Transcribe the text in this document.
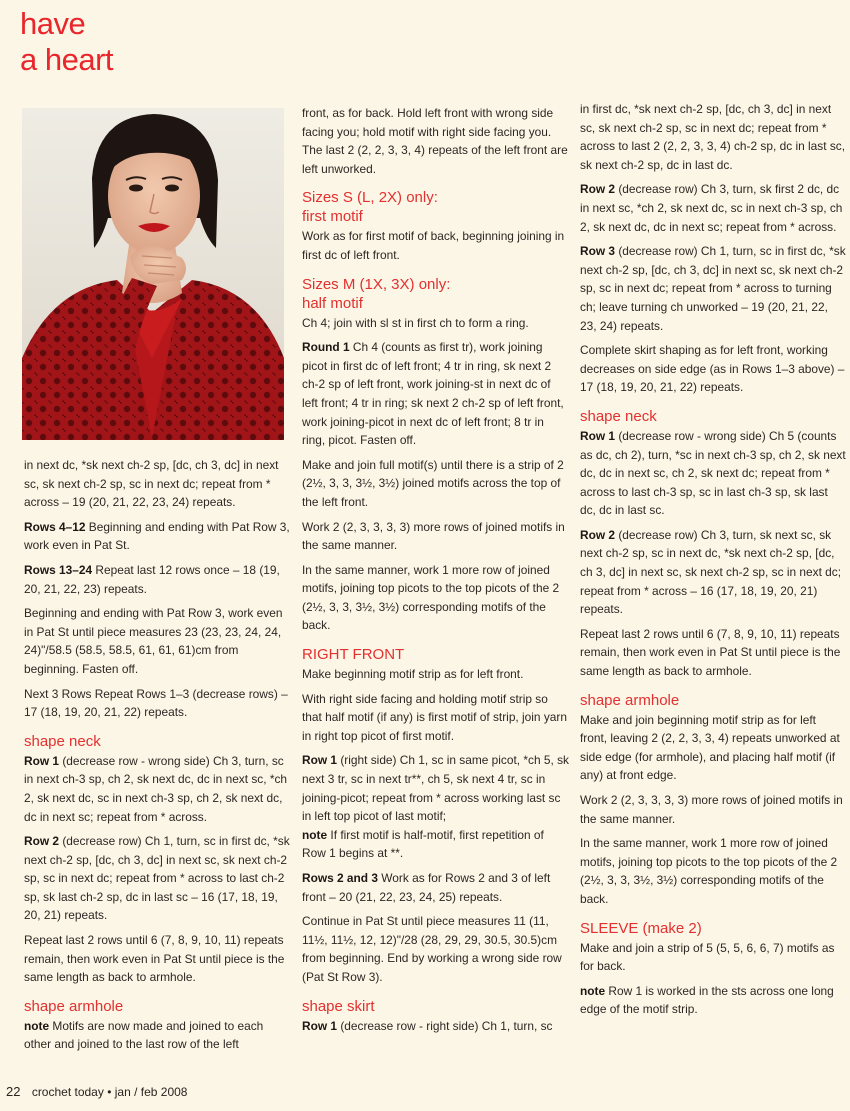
have
a heart

in next dc, *sk next ch-2 sp, [dc, ch 3, dc] in next sc, sk next ch-2 sp, sc in next dc; repeat from * across – 19 (20, 21, 22, 23, 24) repeats.

Rows 4–12 Beginning and ending with Pat Row 3, work even in Pat St.

Rows 13–24 Repeat last 12 rows once – 18 (19, 20, 21, 22, 23) repeats.

Beginning and ending with Pat Row 3, work even in Pat St until piece measures 23 (23, 23, 24, 24, 24)"/58.5 (58.5, 58.5, 61, 61, 61)cm from beginning. Fasten off.

Next 3 Rows Repeat Rows 1–3 (decrease rows) – 17 (18, 19, 20, 21, 22) repeats.

shape neck

Row 1 (decrease row - wrong side) Ch 3, turn, sc in next ch-3 sp, ch 2, sk next dc, dc in next sc, *ch 2, sk next dc, sc in next ch-3 sp, ch 2, sk next dc, dc in next sc; repeat from * across.

Row 2 (decrease row) Ch 1, turn, sc in first dc, *sk next ch-2 sp, [dc, ch 3, dc] in next sc, sk next ch-2 sp, sc in next dc; repeat from * across to last ch-2 sp, sk last ch-2 sp, dc in last sc – 16 (17, 18, 19, 20, 21) repeats.

Repeat last 2 rows until 6 (7, 8, 9, 10, 11) repeats remain, then work even in Pat St until piece is the same length as back to armhole.

shape armhole

note Motifs are now made and joined to each other and joined to the last row of the left

front, as for back. Hold left front with wrong side facing you; hold motif with right side facing you. The last 2 (2, 2, 3, 3, 4) repeats of the left front are left unworked.

Sizes S (L, 2X) only:
first motif

Work as for first motif of back, beginning joining in first dc of left front.

Sizes M (1X, 3X) only:
half motif

Ch 4; join with sl st in first ch to form a ring.

Round 1 Ch 4 (counts as first tr), work joining picot in first dc of left front; 4 tr in ring, sk next 2 ch-2 sp of left front, work joining-st in next dc of left front; 4 tr in ring; sk next 2 ch-2 sp of left front, work joining-picot in next dc of left front; 8 tr in ring, picot. Fasten off.

Make and join full motif(s) until there is a strip of 2 (2½, 3, 3, 3½, 3½) joined motifs across the top of the left front.

Work 2 (2, 3, 3, 3, 3) more rows of joined motifs in the same manner.

In the same manner, work 1 more row of joined motifs, joining top picots to the top picots of the 2 (2½, 3, 3, 3½, 3½) corresponding motifs of the back.

RIGHT FRONT

Make beginning motif strip as for left front.

With right side facing and holding motif strip so that half motif (if any) is first motif of strip, join yarn in right top picot of first motif.

Row 1 (right side) Ch 1, sc in same picot, *ch 5, sk next 3 tr, sc in next tr**, ch 5, sk next 4 tr, sc in joining-picot; repeat from * across working last sc in left top picot of last motif;
note If first motif is half-motif, first repetition of Row 1 begins at **.

Rows 2 and 3 Work as for Rows 2 and 3 of left front – 20 (21, 22, 23, 24, 25) repeats.

Continue in Pat St until piece measures 11 (11, 11½, 11½, 12, 12)"/28 (28, 29, 29, 30.5, 30.5)cm from beginning. End by working a wrong side row (Pat St Row 3).

shape skirt

Row 1 (decrease row - right side) Ch 1, turn, sc

in first dc, *sk next ch-2 sp, [dc, ch 3, dc] in next sc, sk next ch-2 sp, sc in next dc; repeat from * across to last 2 (2, 2, 3, 3, 4) ch-2 sp, dc in last sc, sk next ch-2 sp, dc in last dc.

Row 2 (decrease row) Ch 3, turn, sk first 2 dc, dc in next sc, *ch 2, sk next dc, sc in next ch-3 sp, ch 2, sk next dc, dc in next sc; repeat from * across.

Row 3 (decrease row) Ch 1, turn, sc in first dc, *sk next ch-2 sp, [dc, ch 3, dc] in next sc, sk next ch-2 sp, sc in next dc; repeat from * across to turning ch; leave turning ch unworked – 19 (20, 21, 22, 23, 24) repeats.

Complete skirt shaping as for left front, working decreases on side edge (as in Rows 1–3 above) – 17 (18, 19, 20, 21, 22) repeats.

shape neck

Row 1 (decrease row - wrong side) Ch 5 (counts as dc, ch 2), turn, *sc in next ch-3 sp, ch 2, sk next dc, dc in next sc, ch 2, sk next dc; repeat from * across to last ch-3 sp, sc in last ch-3 sp, sk last dc, dc in last sc.

Row 2 (decrease row) Ch 3, turn, sk next sc, sk next ch-2 sp, sc in next dc, *sk next ch-2 sp, [dc, ch 3, dc] in next sc, sk next ch-2 sp, sc in next dc; repeat from * across – 16 (17, 18, 19, 20, 21) repeats.

Repeat last 2 rows until 6 (7, 8, 9, 10, 11) repeats remain, then work even in Pat St until piece is the same length as back to armhole.

shape armhole

Make and join beginning motif strip as for left front, leaving 2 (2, 2, 3, 3, 4) repeats unworked at side edge (for armhole), and placing half motif (if any) at front edge.

Work 2 (2, 3, 3, 3, 3) more rows of joined motifs in the same manner.

In the same manner, work 1 more row of joined motifs, joining top picots to the top picots of the 2 (2½, 3, 3, 3½, 3½) corresponding motifs of the back.

SLEEVE (make 2)

Make and join a strip of 5 (5, 5, 6, 6, 7) motifs as for back.

note Row 1 is worked in the sts across one long edge of the motif strip.

22 crochet today • jan / feb 2008
